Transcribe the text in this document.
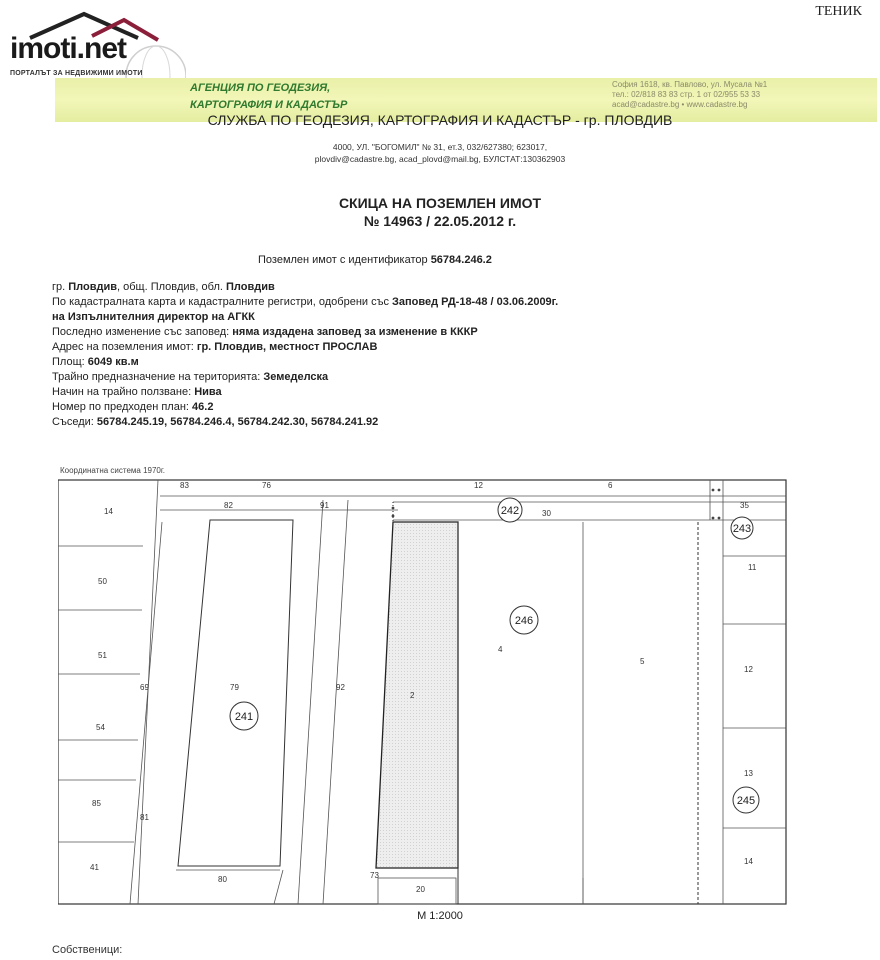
imoti.net
ПОРТАЛЪТ ЗА НЕДВИЖИМИ ИМОТИ
ТЕНИК
АГЕНЦИЯ ПО ГЕОДЕЗИЯ,
КАРТОГРАФИЯ И КАДАСТЪР
София 1618, кв. Павлово, ул. Мусала №1
тел.: 02/818 83 83 стр. 1 от 02/955 53 33
acad@cadastre.bg • www.cadastre.bg
СЛУЖБА ПО ГЕОДЕЗИЯ, КАРТОГРАФИЯ И КАДАСТЪР - гр. ПЛОВДИВ
4000, УЛ. "БОГОМИЛ" № 31, ет.3, 032/627380; 623017,
plovdiv@cadastre.bg, acad_plovd@mail.bg, БУЛСТАТ:130362903
СКИЦА НА ПОЗЕМЛЕН ИМОТ
№ 14963 / 22.05.2012 г.
Поземлен имот с идентификатор 56784.246.2
гр. Пловдив, общ. Пловдив, обл. Пловдив
По кадастралната карта и кадастралните регистри, одобрени със Заповед РД-18-48 / 03.06.2009г.
на Изпълнителния директор на АГКК
Последно изменение със заповед: няма издадена заповед за изменение в КККР
Адрес на поземления имот: гр. Пловдив, местност ПРОСЛАВ
Площ: 6049 кв.м
Трайно предназначение на територията: Земеделска
Начин на трайно ползване: Нива
Номер по предходен план: 46.2
Съседи: 56784.245.19, 56784.246.4, 56784.242.30, 56784.241.92
Координатна система 1970г.
242
243
246
241
245
14
50
51
54
85
41
83	76
82	91
69
81
79
80
92
2
73
20
12	6
30
4
5
35
11
12
13
14
М 1:2000
Собственици:
